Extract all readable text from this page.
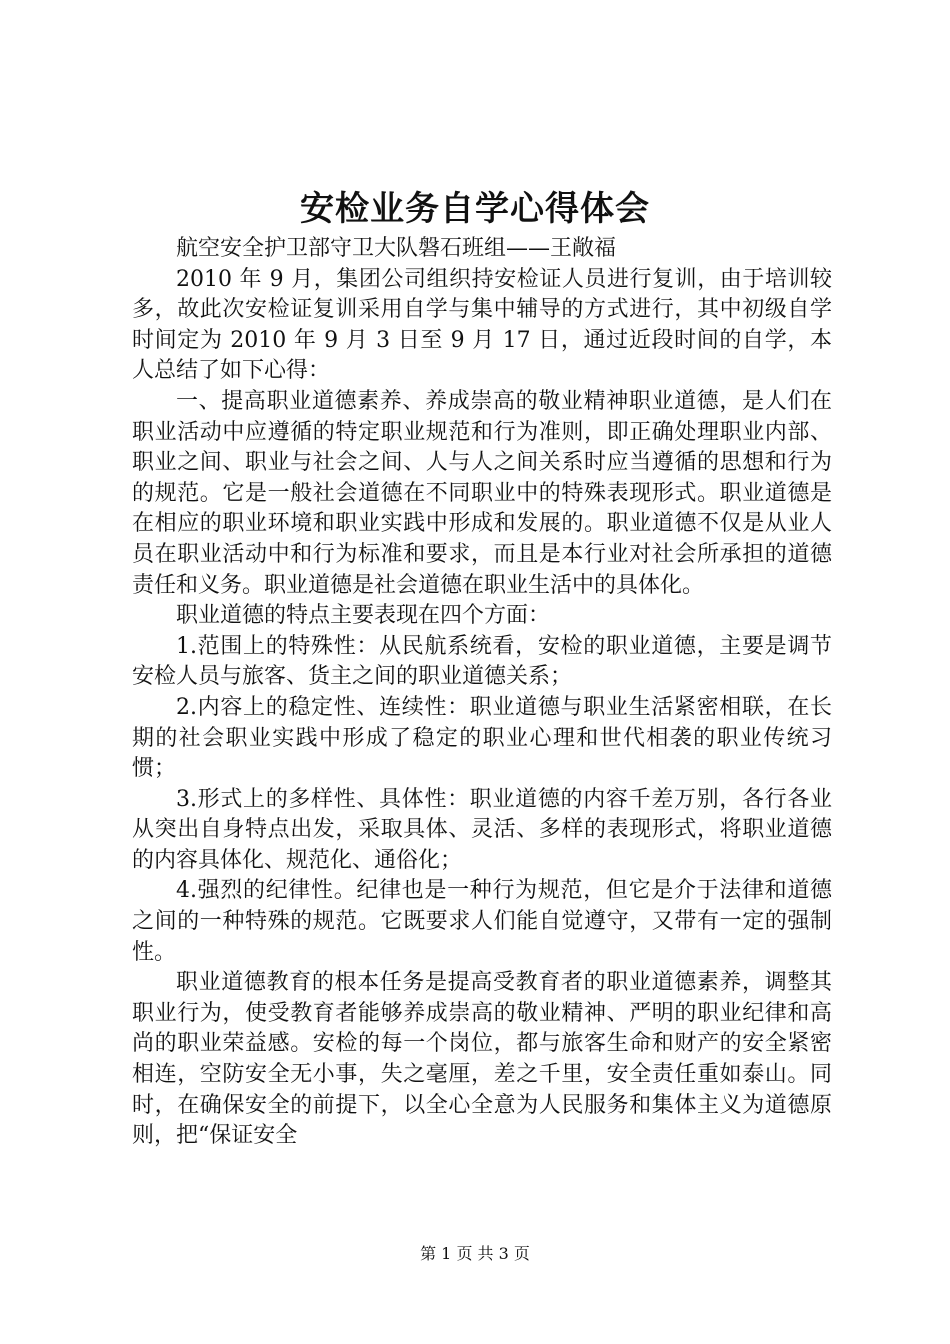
安检业务自学心得体会

航空安全护卫部守卫大队磐石班组——王敞福

2010 年 9 月，集团公司组织持安检证人员进行复训，由于培训较多，故此次安检证复训采用自学与集中辅导的方式进行，其中初级自学时间定为 2010 年 9 月 3 日至 9 月 17 日，通过近段时间的自学，本人总结了如下心得：

一、提高职业道德素养、养成崇高的敬业精神职业道德，是人们在职业活动中应遵循的特定职业规范和行为准则，即正确处理职业内部、职业之间、职业与社会之间、人与人之间关系时应当遵循的思想和行为的规范。它是一般社会道德在不同职业中的特殊表现形式。职业道德是在相应的职业环境和职业实践中形成和发展的。职业道德不仅是从业人员在职业活动中和行为标准和要求，而且是本行业对社会所承担的道德责任和义务。职业道德是社会道德在职业生活中的具体化。

职业道德的特点主要表现在四个方面：

1.范围上的特殊性：从民航系统看，安检的职业道德，主要是调节安检人员与旅客、货主之间的职业道德关系；

2.内容上的稳定性、连续性：职业道德与职业生活紧密相联，在长期的社会职业实践中形成了稳定的职业心理和世代相袭的职业传统习惯；

3.形式上的多样性、具体性：职业道德的内容千差万别，各行各业从突出自身特点出发，采取具体、灵活、多样的表现形式，将职业道德的内容具体化、规范化、通俗化；

4.强烈的纪律性。纪律也是一种行为规范，但它是介于法律和道德之间的一种特殊的规范。它既要求人们能自觉遵守，又带有一定的强制性。

职业道德教育的根本任务是提高受教育者的职业道德素养，调整其职业行为，使受教育者能够养成崇高的敬业精神、严明的职业纪律和高尚的职业荣益感。安检的每一个岗位，都与旅客生命和财产的安全紧密相连，空防安全无小事，失之毫厘，差之千里，安全责任重如泰山。同时，在确保安全的前提下，以全心全意为人民服务和集体主义为道德原则，把“保证安全

第 1 页 共 3 页
